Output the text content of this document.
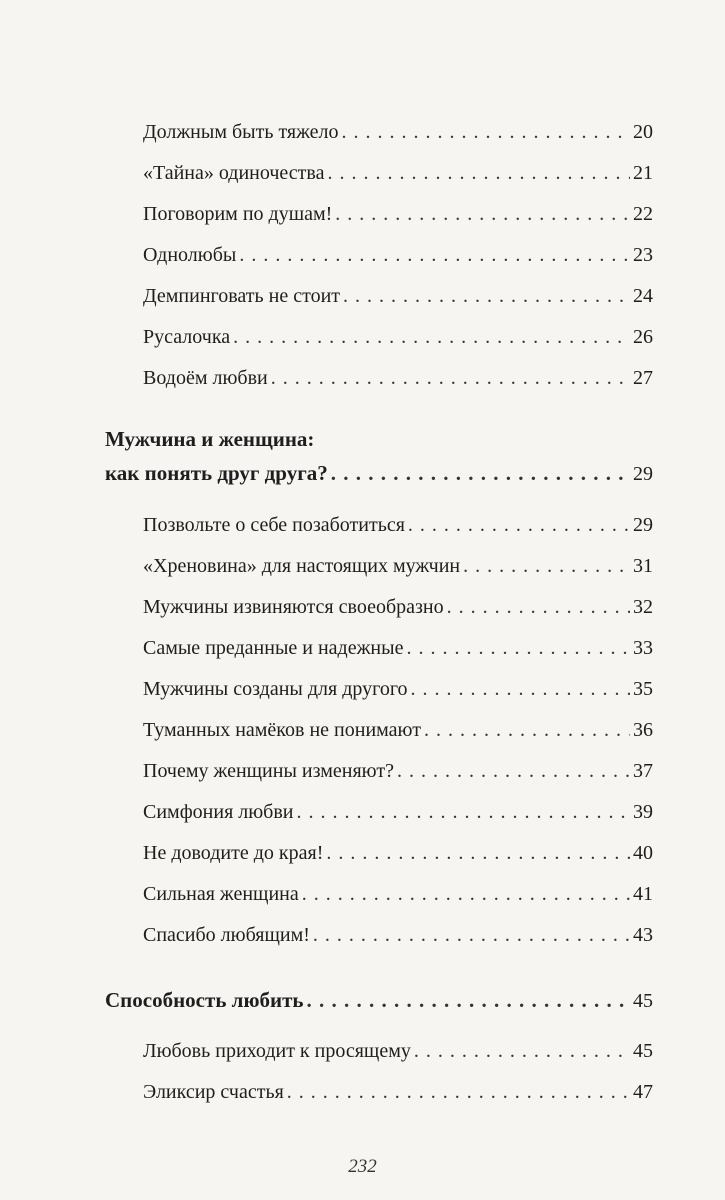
Должным быть тяжело . . .	20
«Тайна» одиночества . . .	21
Поговорим по душам! . . .	22
Однолюбы . . .	23
Демпинговать не стоит . . .	24
Русалочка . . .	26
Водоём любви . . .	27
Мужчина и женщина:
как понять друг друга? . . .	29
Позвольте о себе позаботиться . . .	29
«Хреновина» для настоящих мужчин . . .	31
Мужчины извиняются своеобразно . . .	32
Самые преданные и надежные . . .	33
Мужчины созданы для другого . . .	35
Туманных намёков не понимают . . .	36
Почему женщины изменяют? . . .	37
Симфония любви . . .	39
Не доводите до края! . . .	40
Сильная женщина . . .	41
Спасибо любящим! . . .	43
Способность любить . . .	45
Любовь приходит к просящему . . .	45
Эликсир счастья . . .	47
232
